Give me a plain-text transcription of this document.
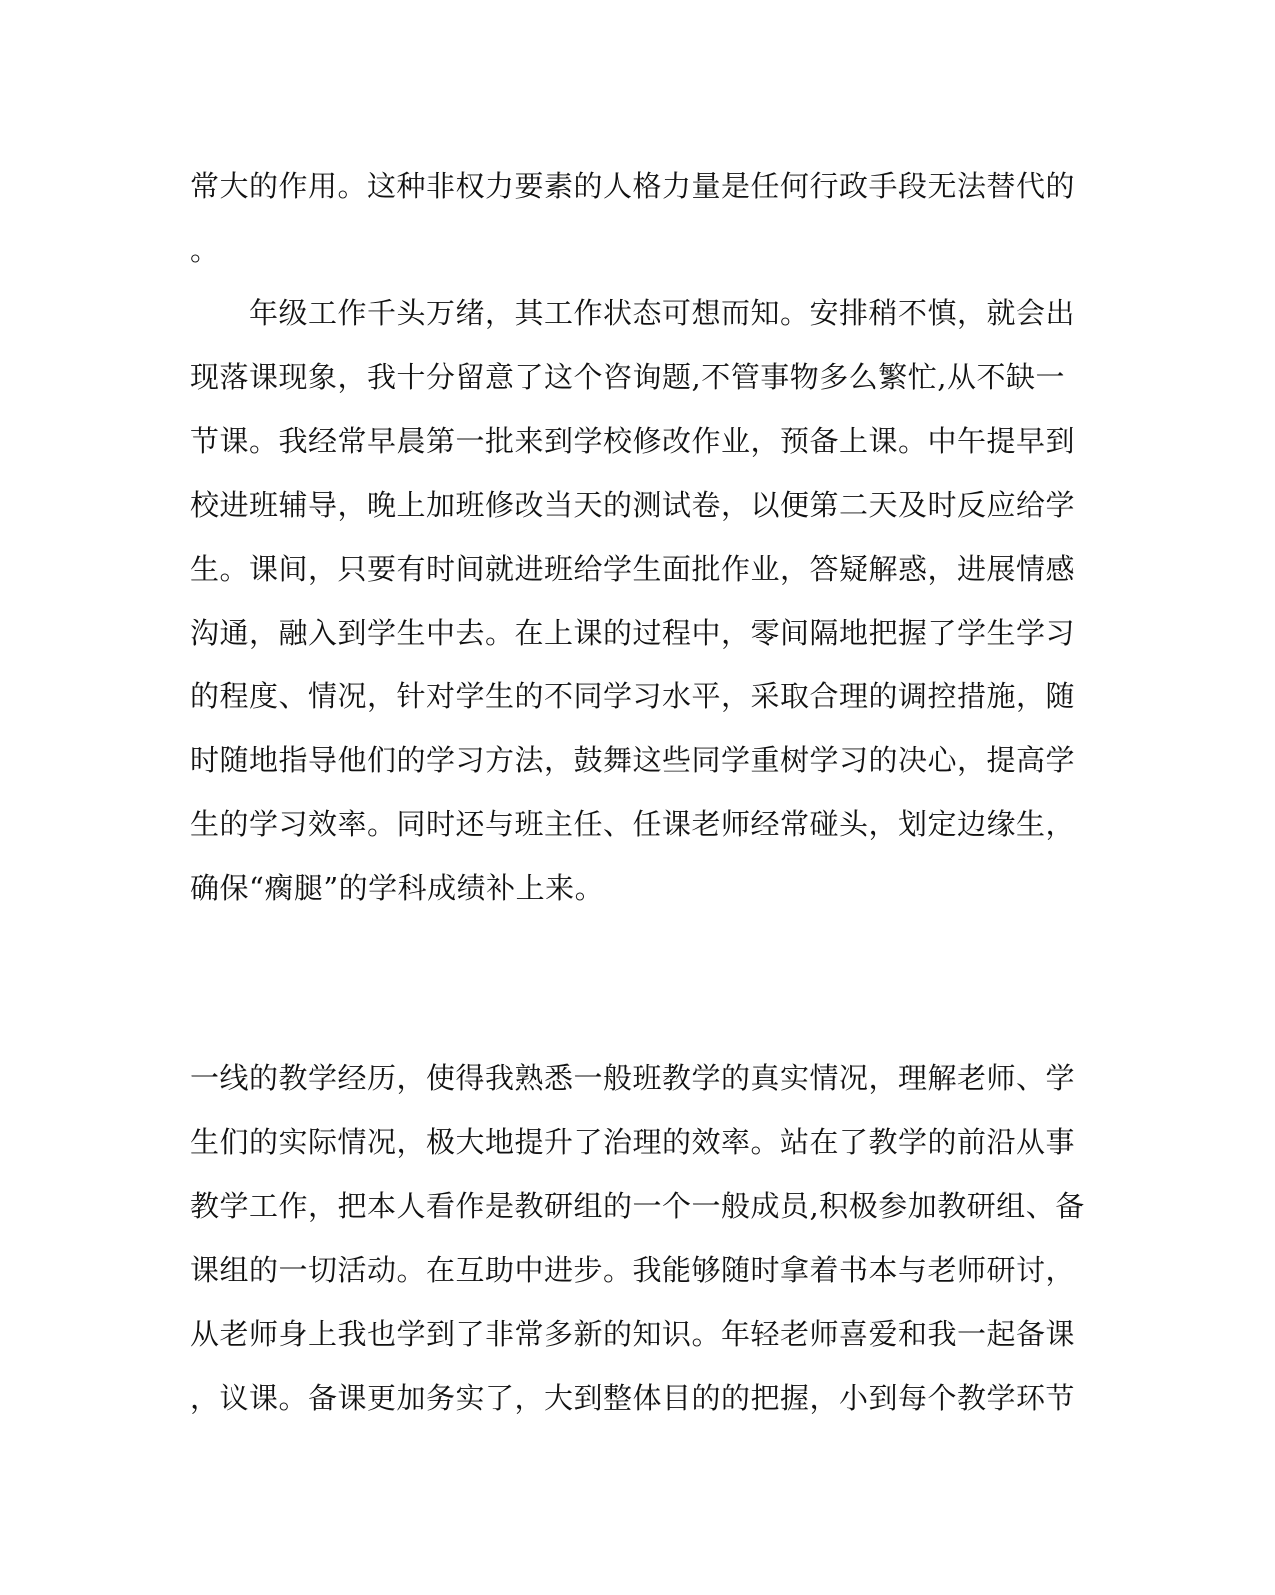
常大的作用。这种非权力要素的人格力量是任何行政手段无法替代的
。
　　年级工作千头万绪，其工作状态可想而知。安排稍不慎，就会出
现落课现象，我十分留意了这个咨询题,不管事物多么繁忙,从不缺一
节课。我经常早晨第一批来到学校修改作业，预备上课。中午提早到
校进班辅导，晚上加班修改当天的测试卷，以便第二天及时反应给学
生。课间，只要有时间就进班给学生面批作业，答疑解惑，进展情感
沟通，融入到学生中去。在上课的过程中，零间隔地把握了学生学习
的程度、情况，针对学生的不同学习水平，采取合理的调控措施，随
时随地指导他们的学习方法，鼓舞这些同学重树学习的决心，提高学
生的学习效率。同时还与班主任、任课老师经常碰头，划定边缘生，
确保“瘸腿”的学科成绩补上来。
一线的教学经历，使得我熟悉一般班教学的真实情况，理解老师、学
生们的实际情况，极大地提升了治理的效率。站在了教学的前沿从事
教学工作，把本人看作是教研组的一个一般成员,积极参加教研组、备
课组的一切活动。在互助中进步。我能够随时拿着书本与老师研讨，
从老师身上我也学到了非常多新的知识。年轻老师喜爱和我一起备课
，议课。备课更加务实了，大到整体目的的把握，小到每个教学环节
